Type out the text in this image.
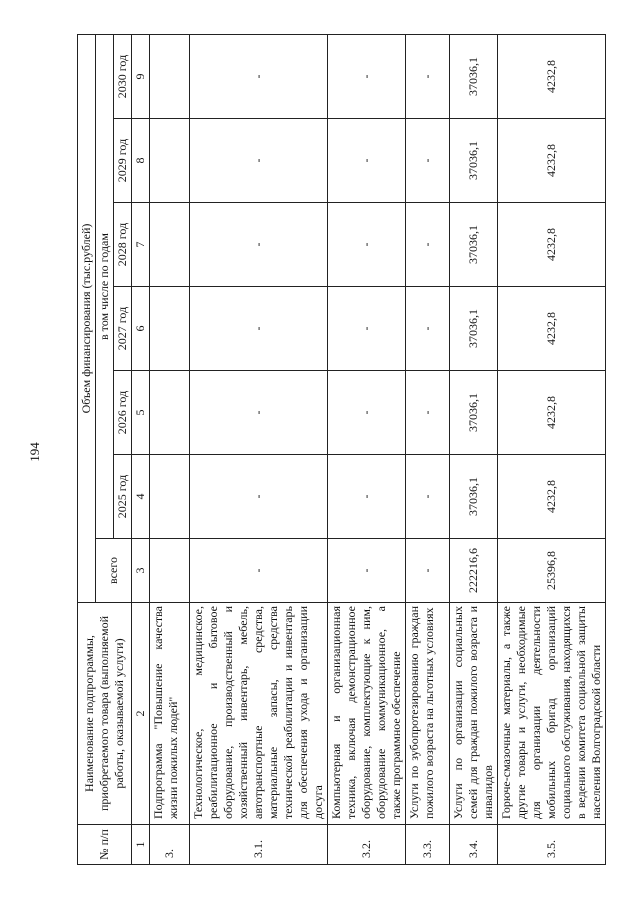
194
№ п/п	Наименование подпрограммы, приобретаемого товара (выполняемой работы, оказываемой услуги)	Объем финансирования (тыс.рублей)						
		всего	в том числе по годам					
			2025 год	2026 год	2027 год	2028 год	2029 год	2030 год
1	2	3	4	5	6	7	8	9
3.	Подпрограмма "Повышение качества жизни пожилых людей"							
3.1.	Технологическое, медицинское, реабилитационное и бытовое оборудование, производственный и хозяйственный инвентарь, мебель, автотранспортные средства, материальные запасы, средства технической реабилитации и инвентарь для обеспечения ухода и организации досуга	-	-	-	-	-	-	-
3.2.	Компьютерная и организационная техника, включая демонстрационное оборудование, комплектующие к ним, оборудование коммуникационное, а также программное обеспечение	-	-	-	-	-	-	-
3.3.	Услуги по зубопротезированию граждан пожилого возраста на льготных условиях	-	-	-	-	-	-	-
3.4.	Услуги по организации социальных семей для граждан пожилого возраста и инвалидов	222216,6	37036,1	37036,1	37036,1	37036,1	37036,1	37036,1
3.5.	Горюче-смазочные материалы, а также другие товары и услуги, необходимые для организации деятельности мобильных бригад организаций социального обслуживания, находящихся в ведении комитета социальной защиты населения Волгоградской области	25396,8	4232,8	4232,8	4232,8	4232,8	4232,8	4232,8
